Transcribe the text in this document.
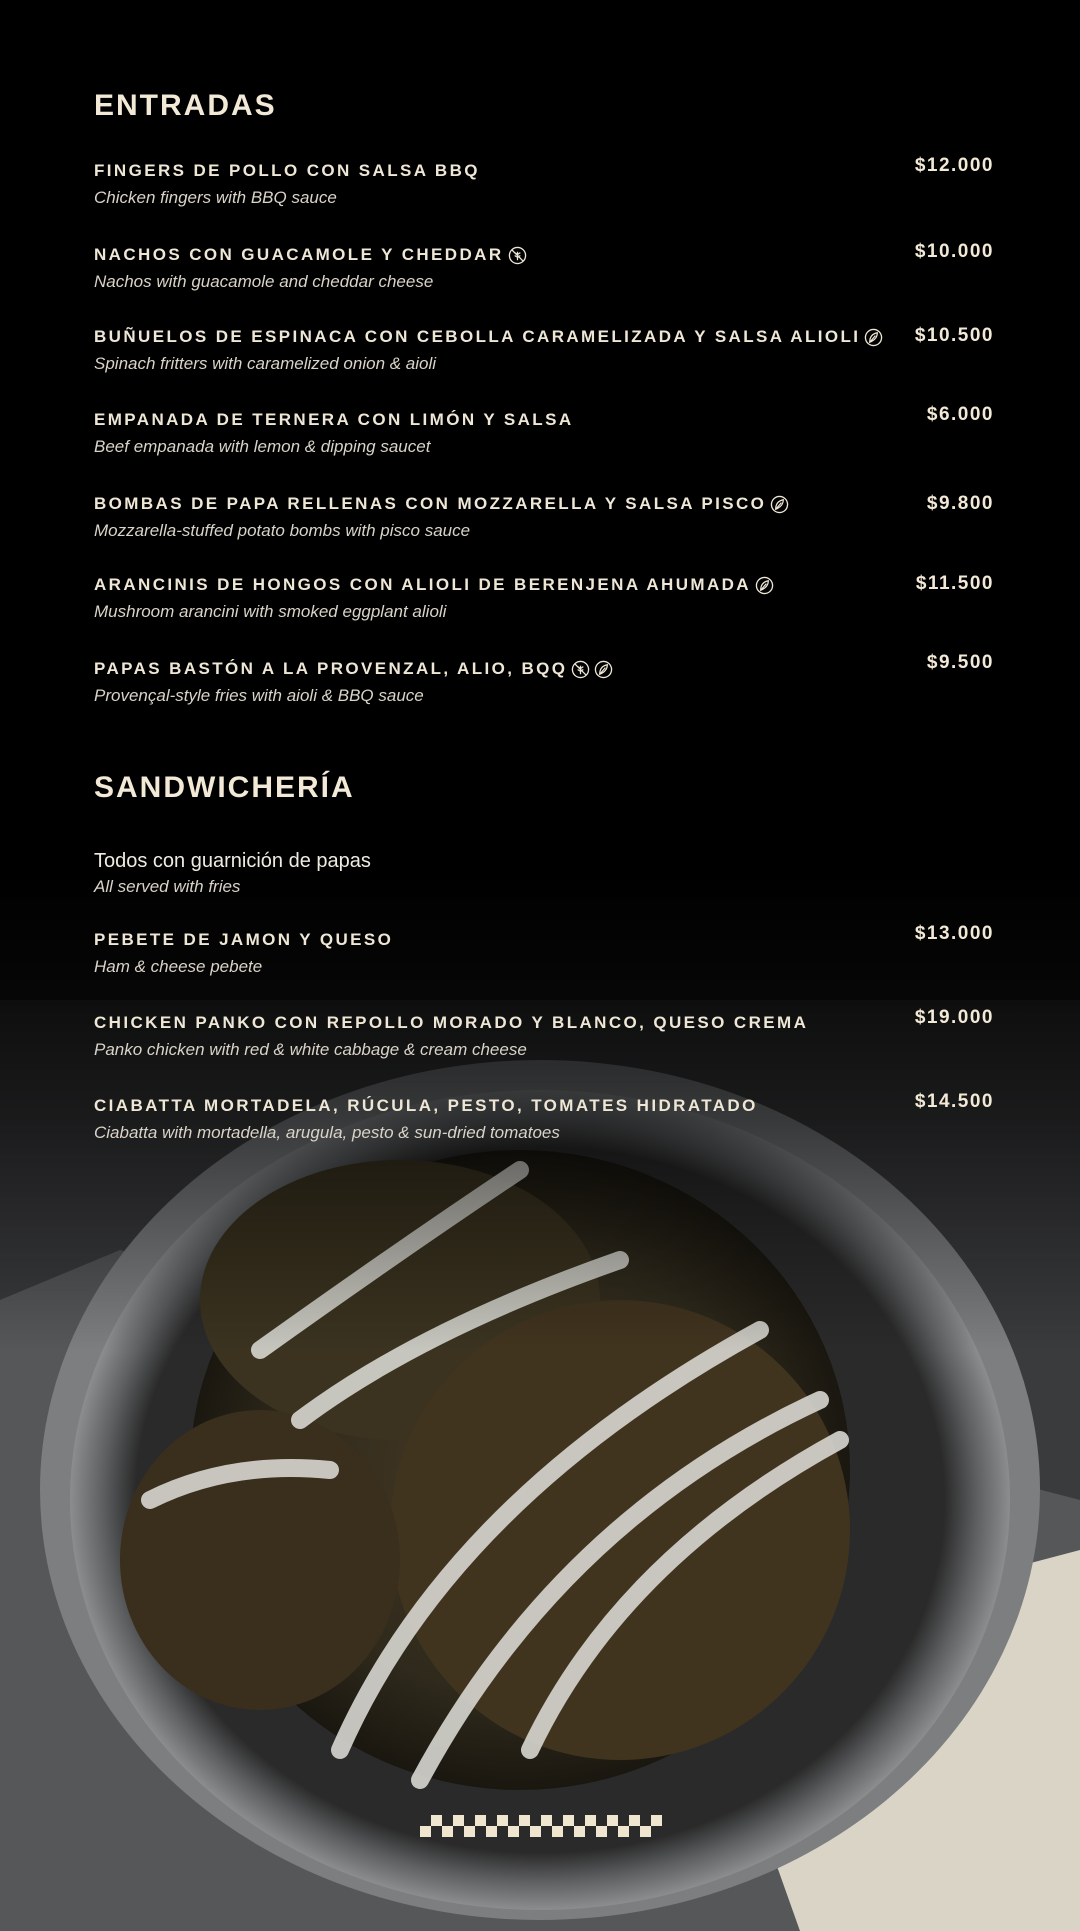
ENTRADAS
FINGERS DE POLLO CON SALSA BBQ
Chicken fingers with BBQ sauce
$12.000
NACHOS CON GUACAMOLE Y CHEDDAR
Nachos with guacamole and cheddar cheese
$10.000
BUÑUELOS DE ESPINACA CON CEBOLLA CARAMELIZADA Y SALSA ALIOLI
Spinach fritters with caramelized onion & aioli
$10.500
EMPANADA DE TERNERA CON LIMÓN Y SALSA
Beef empanada with lemon & dipping saucet
$6.000
BOMBAS DE PAPA RELLENAS CON MOZZARELLA Y SALSA PISCO
Mozzarella-stuffed potato bombs with pisco sauce
$9.800
ARANCINIS DE HONGOS CON ALIOLI DE BERENJENA AHUMADA
Mushroom arancini with smoked eggplant alioli
$11.500
PAPAS BASTÓN A LA PROVENZAL, ALIO, BQQ
Provençal-style fries with aioli & BBQ sauce
$9.500
SANDWICHERÍA
Todos con guarnición de papas
All served with fries
PEBETE DE JAMON Y QUESO
Ham & cheese pebete
$13.000
CHICKEN PANKO CON REPOLLO MORADO Y BLANCO, QUESO CREMA
Panko chicken with red & white cabbage & cream cheese
$19.000
CIABATTA MORTADELA, RÚCULA, PESTO, TOMATES HIDRATADO
Ciabatta with mortadella, arugula, pesto & sun-dried tomatoes
$14.500
